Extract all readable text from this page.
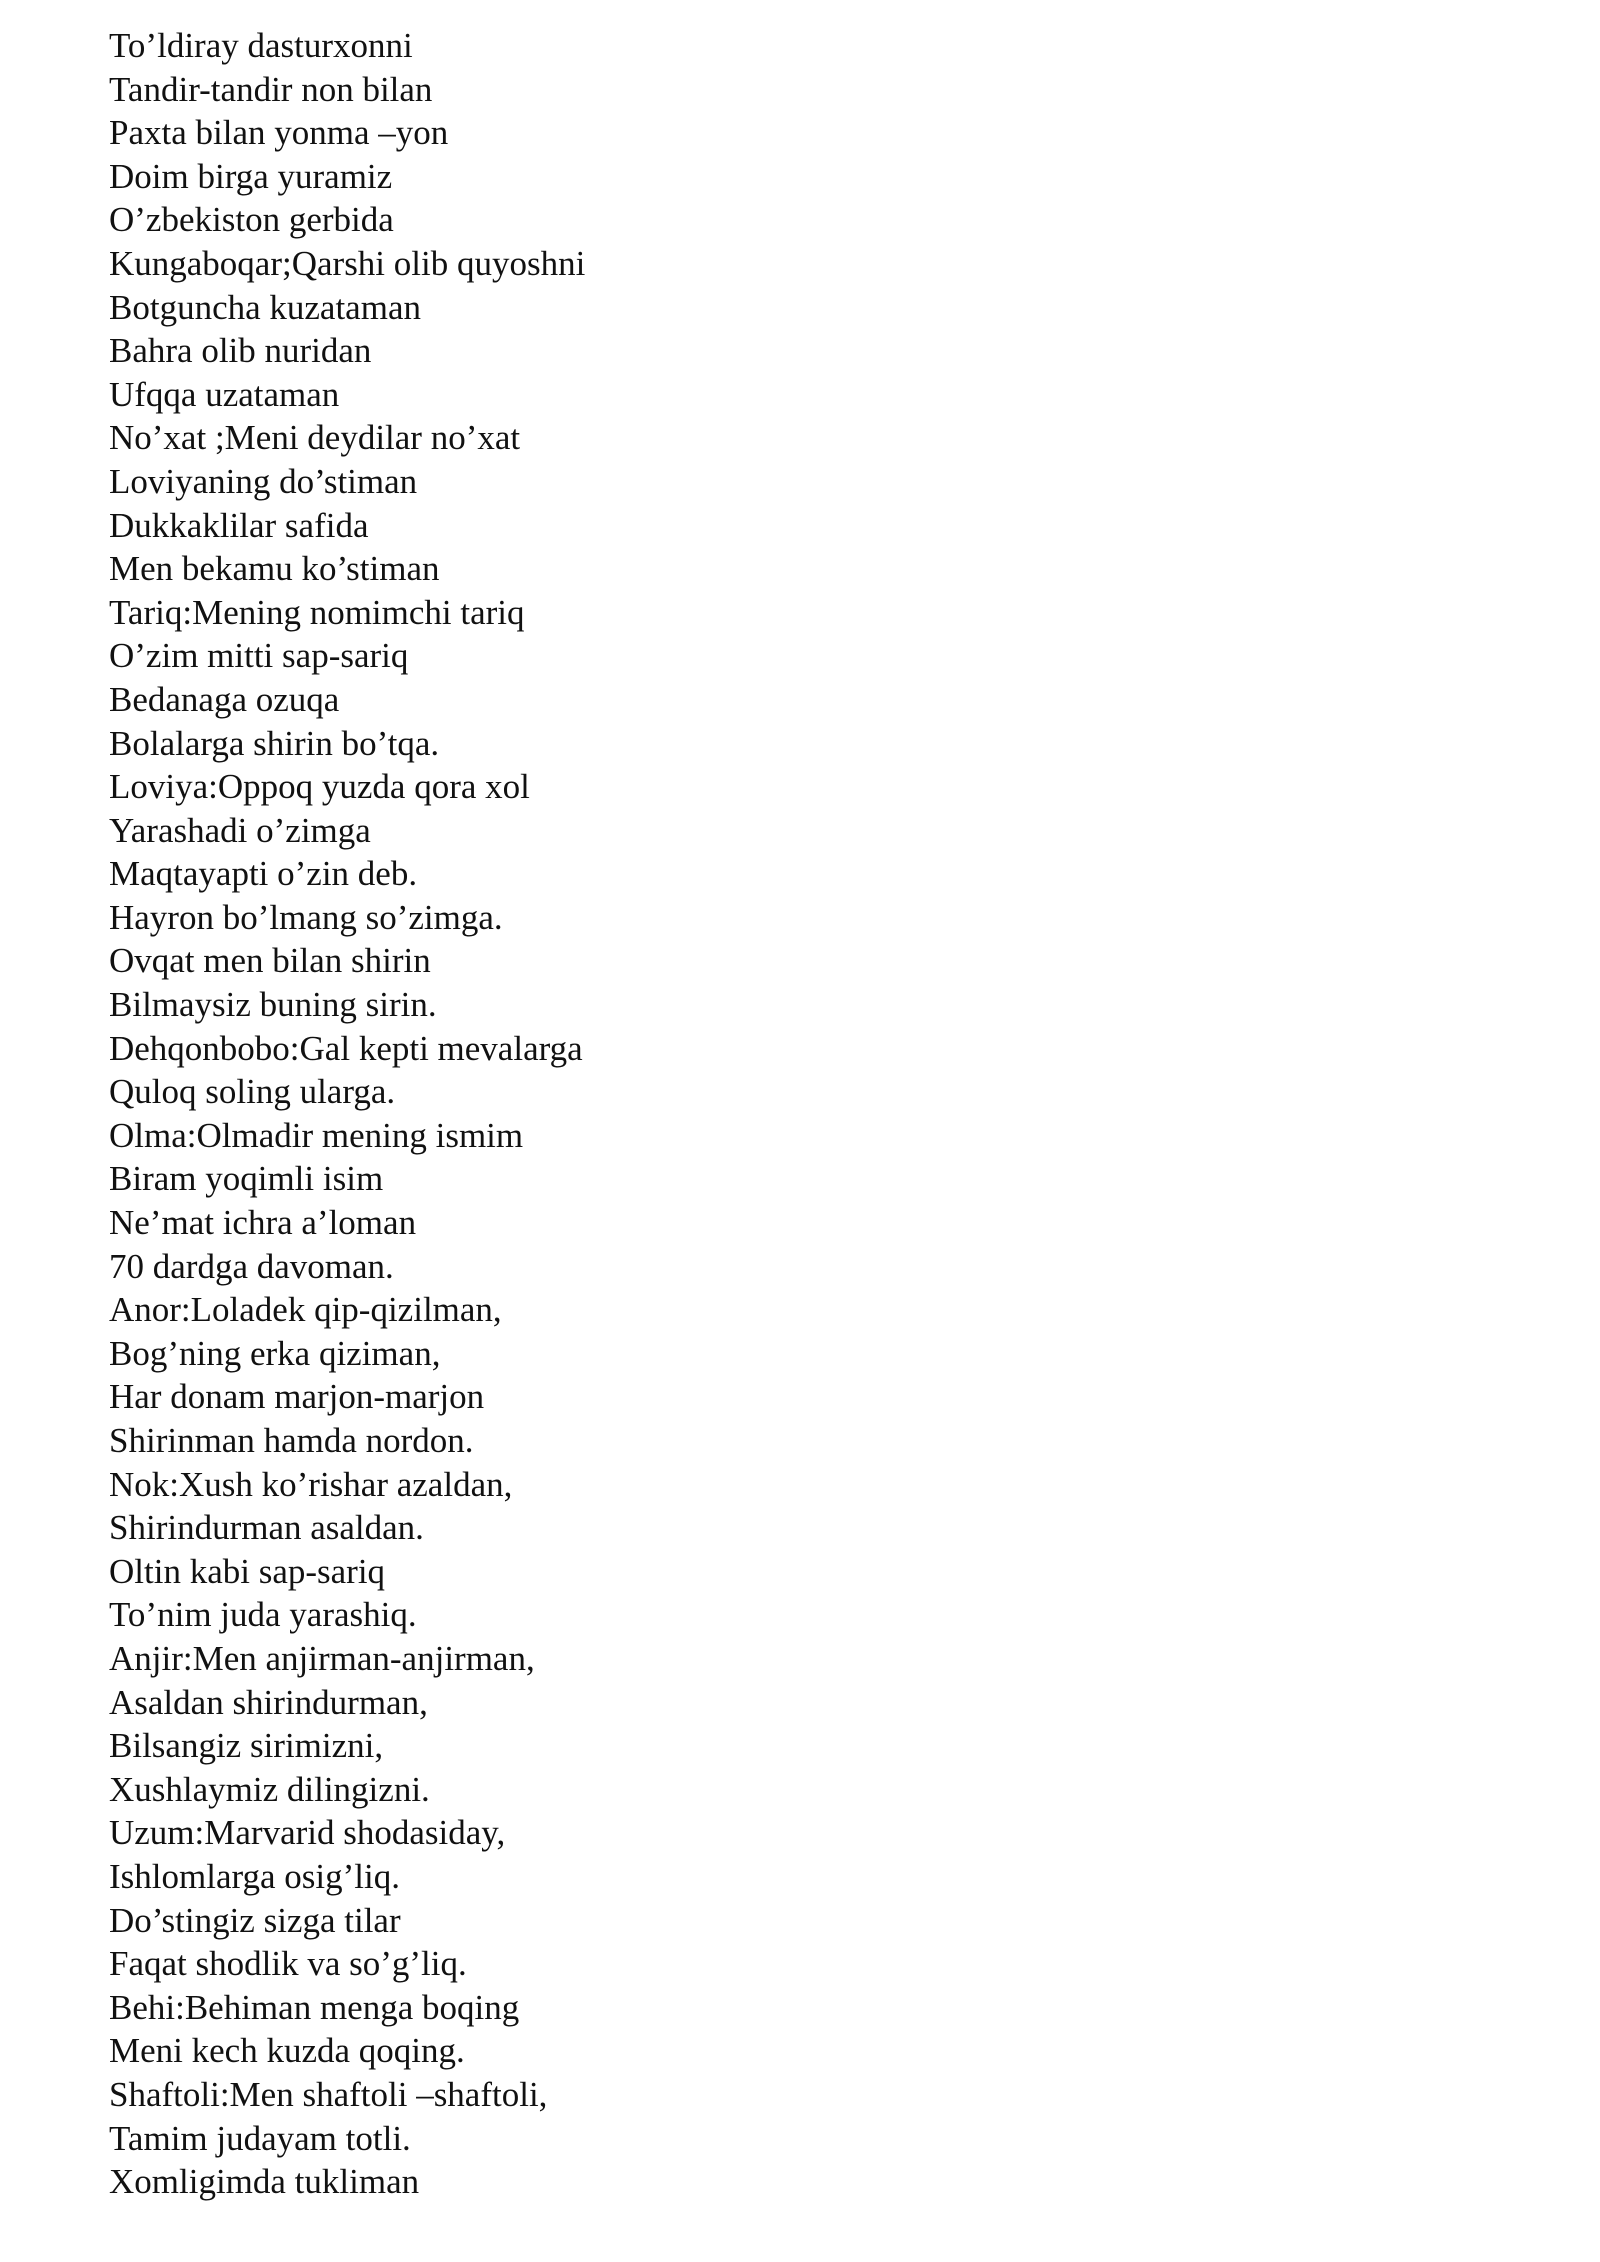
To’ldiray dasturxonni
Tandir-tandir non bilan
Paxta bilan yonma –yon
Doim birga yuramiz
O’zbekiston gerbida
Kungaboqar;Qarshi olib quyoshni
Botguncha kuzataman
Bahra olib nuridan
Ufqqa uzataman
No’xat ;Meni deydilar no’xat
Loviyaning do’stiman
Dukkaklilar safida
Men bekamu ko’stiman
Tariq:Mening nomimchi tariq
O’zim mitti sap-sariq
Bedanaga ozuqa
Bolalarga shirin bo’tqa.
Loviya:Oppoq yuzda qora xol
Yarashadi o’zimga
Maqtayapti o’zin deb.
Hayron bo’lmang so’zimga.
Ovqat men bilan shirin
Bilmaysiz buning sirin.
Dehqonbobo:Gal kepti mevalarga
Quloq soling ularga.
Olma:Olmadir mening ismim
Biram yoqimli isim
Ne’mat ichra a’loman
70 dardga davoman.
Anor:Loladek qip-qizilman,
Bog’ning erka qiziman,
Har donam marjon-marjon
Shirinman hamda nordon.
Nok:Xush ko’rishar azaldan,
Shirindurman asaldan.
Oltin kabi sap-sariq
To’nim juda yarashiq.
Anjir:Men anjirman-anjirman,
Asaldan shirindurman,
Bilsangiz sirimizni,
Xushlaymiz dilingizni.
Uzum:Marvarid shodasiday,
Ishlomlarga osig’liq.
Do’stingiz sizga tilar
Faqat shodlik va so’g’liq.
Behi:Behiman menga boqing
Meni kech kuzda qoqing.
Shaftoli:Men shaftoli –shaftoli,
Tamim judayam totli.
Xomligimda tukliman
